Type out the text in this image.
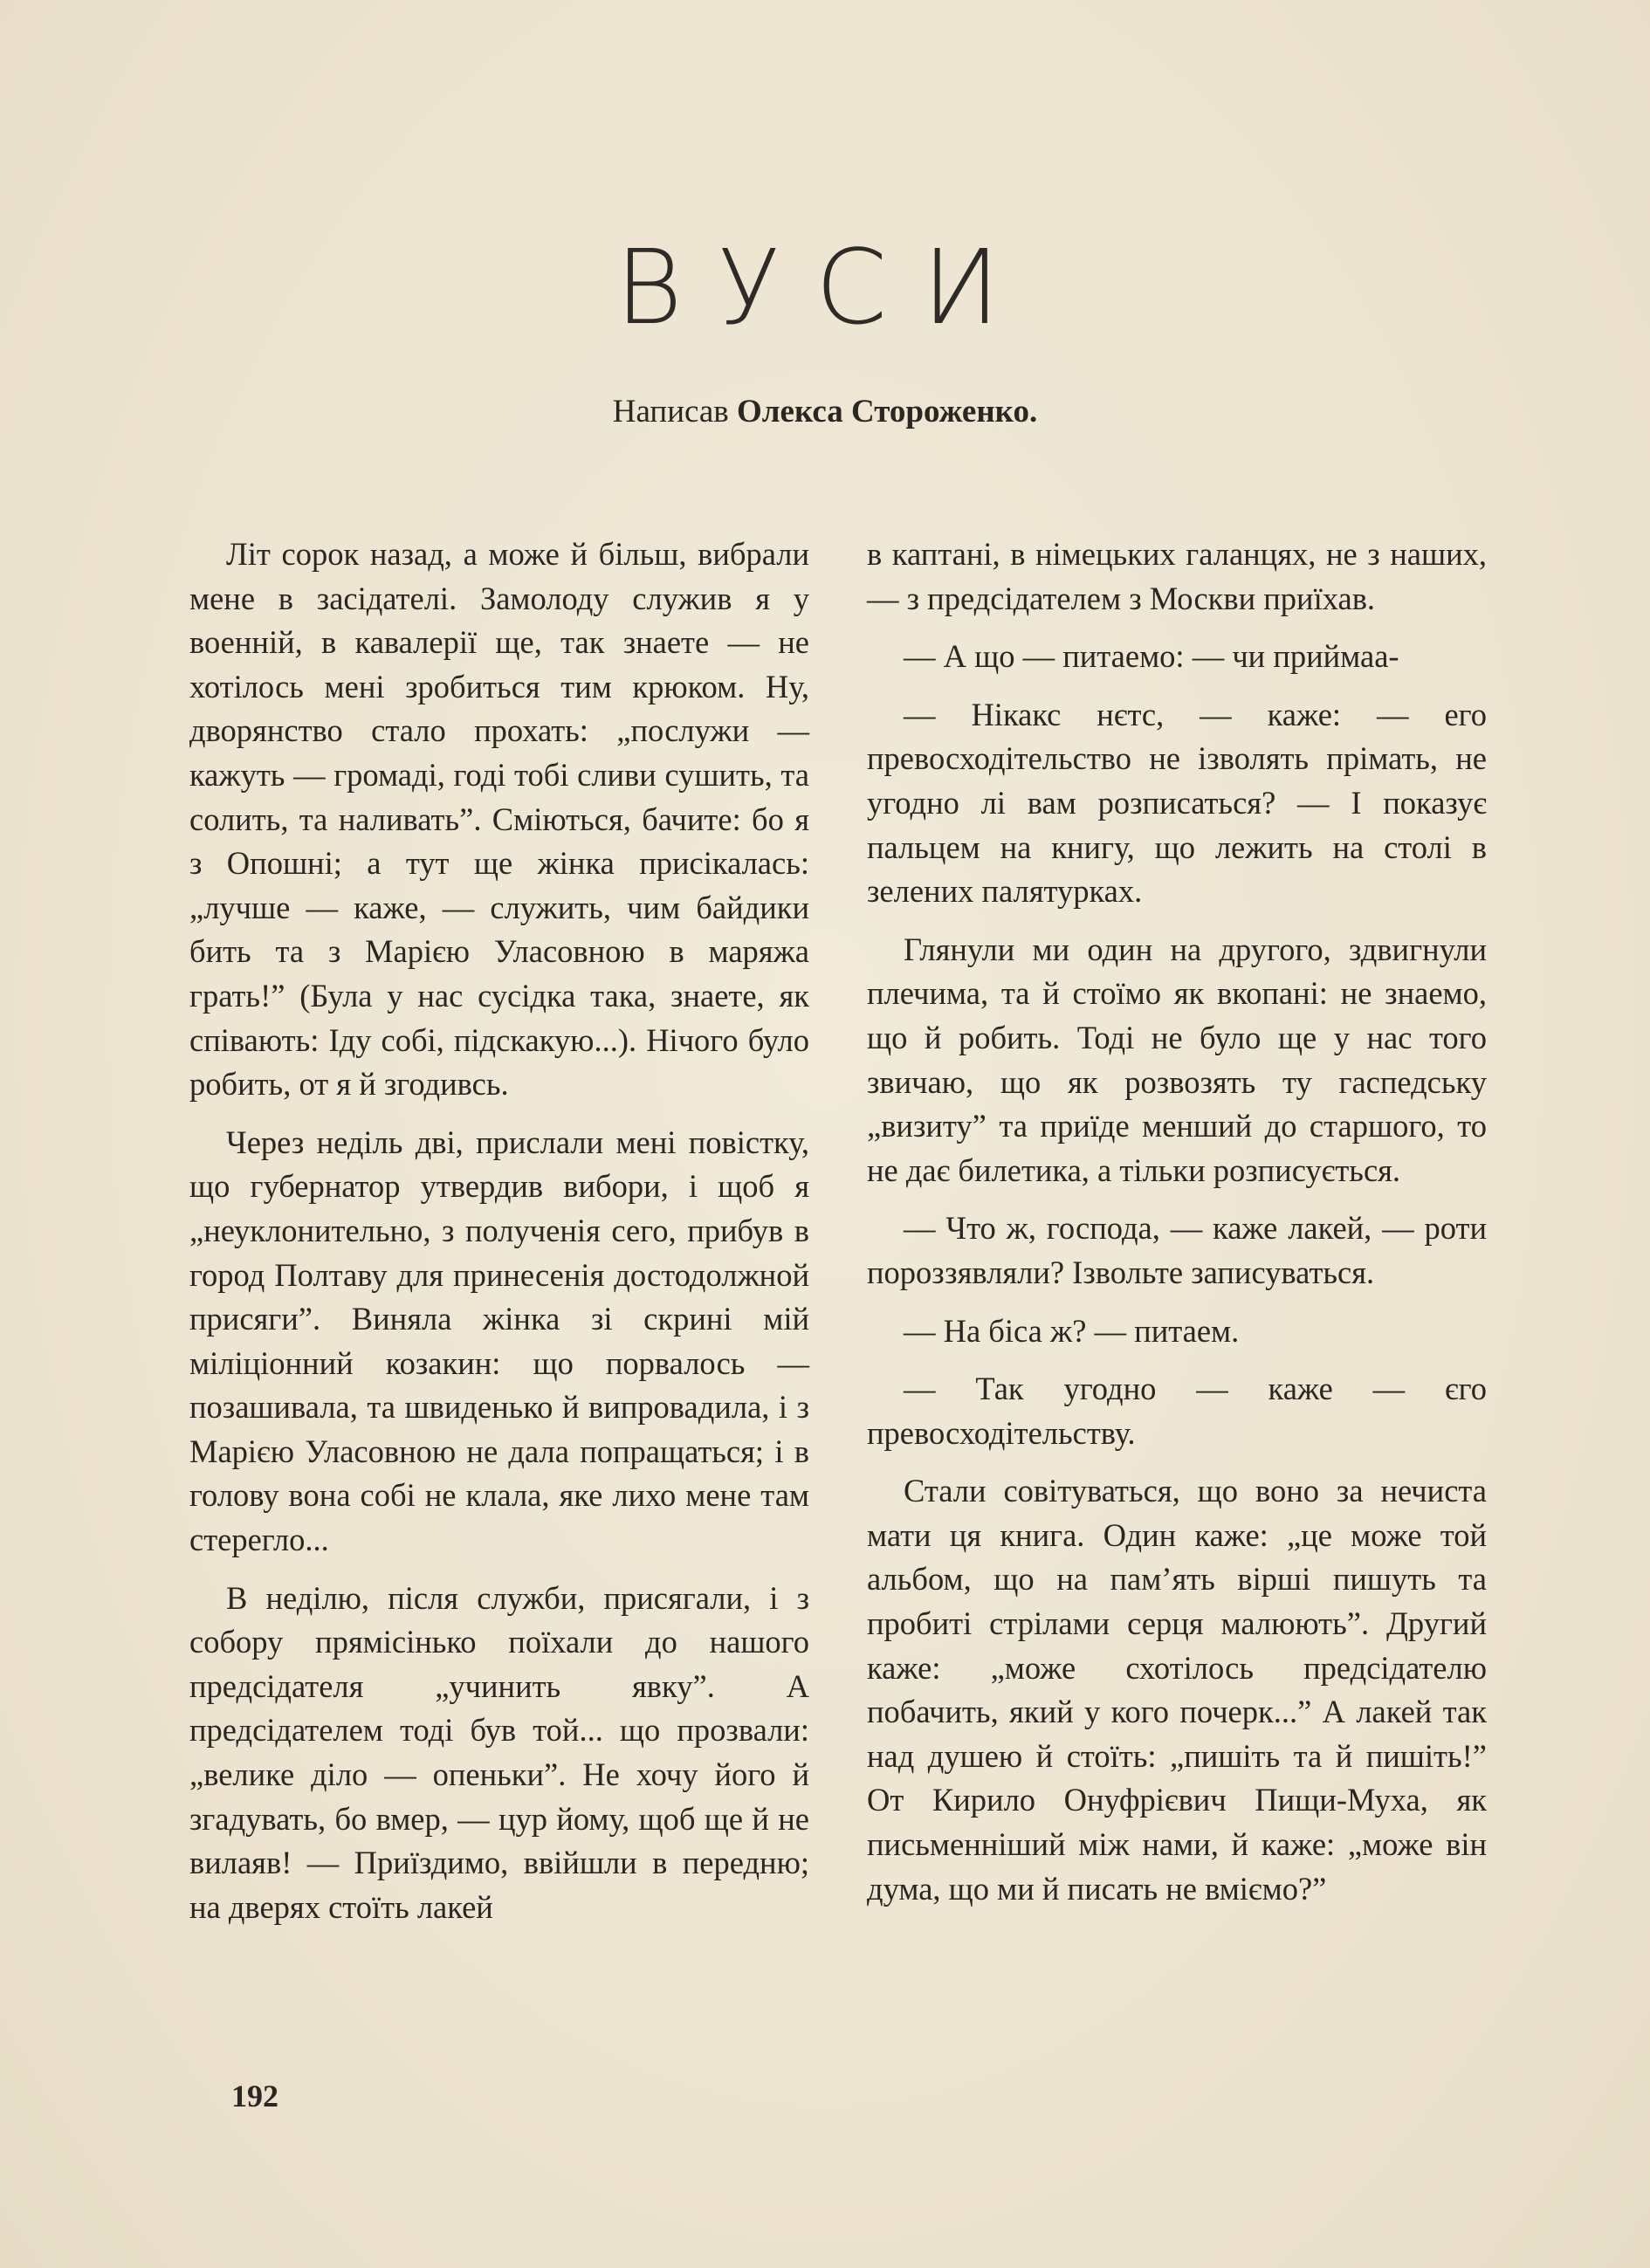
ВУСИ
Написав Олекса Стороженко.

Літ сорок назад, а може й більш, вибрали мене в засідателі. Замолоду служив я у военній, в кавалерії ще, так знаете — не хотілось мені зробиться тим крюком. Ну, дворянство стало прохать: „послужи — кажуть — громаді, годі тобі сливи сушить, та солить, та наливать”. Сміються, бачите: бо я з Опошні; а тут ще жінка присікалась: „лучше — каже, — служить, чим байдики бить та з Марією Уласовною в маряжа грать!” (Була у нас сусідка така, знаете, як співають: Іду собі, підскакую...). Нічого було робить, от я й згодивсь.

Через неділь дві, прислали мені повістку, що губернатор утвердив вибори, і щоб я „неуклонительно, з полученія сего, прибув в город Полтаву для принесенія достодолжной присяги”. Виняла жінка зі скрині мій міліціонний козакин: що порвалось — позашивала, та швиденько й випровадила, і з Марією Уласовною не дала попращаться; і в голову вона собі не клала, яке лихо мене там стерегло...

В неділю, після служби, присягали, і з собору прямісінько поїхали до нашого предсідателя „учинить явку”. А предсідателем тоді був той... що прозвали: „велике діло — опеньки”. Не хочу його й згадувать, бо вмер, — цур йому, щоб ще й не вилаяв! — Приїздимо, ввійшли в передню; на дверях стоїть лакей

в каптані, в німецьких галанцях, не з наших, — з предсідателем з Москви приїхав.

— А що — питаемо: — чи приймаа-

— Нікакс нєтс, — каже: — его превосходітельство не ізволять прімать, не угодно лі вам розписаться? — І показує пальцем на книгу, що лежить на столі в зелених палятурках.

Глянули ми один на другого, здвигнули плечима, та й стоїмо як вкопані: не знаемо, що й робить. Тоді не було ще у нас того звичаю, що як розвозять ту гаспедську „визиту” та приїде менший до старшого, то не дає билетика, а тільки розписується.

— Что ж, господа, — каже лакей, — роти пороззявляли? Ізвольте записуваться.

— На біса ж? — питаем.

— Так угодно — каже — єго превосходітельству.

Стали совітуваться, що воно за нечиста мати ця книга. Один каже: „це може той альбом, що на пам’ять вірші пишуть та пробиті стрілами серця малюють”. Другий каже: „може схотілось предсідателю побачить, який у кого почерк...” А лакей так над душею й стоїть: „пишіть та й пишіть!” От Кирило Онуфрієвич Пищи-Муха, як письменніший між нами, й каже: „може він дума, що ми й писать не вміємо?”

192
